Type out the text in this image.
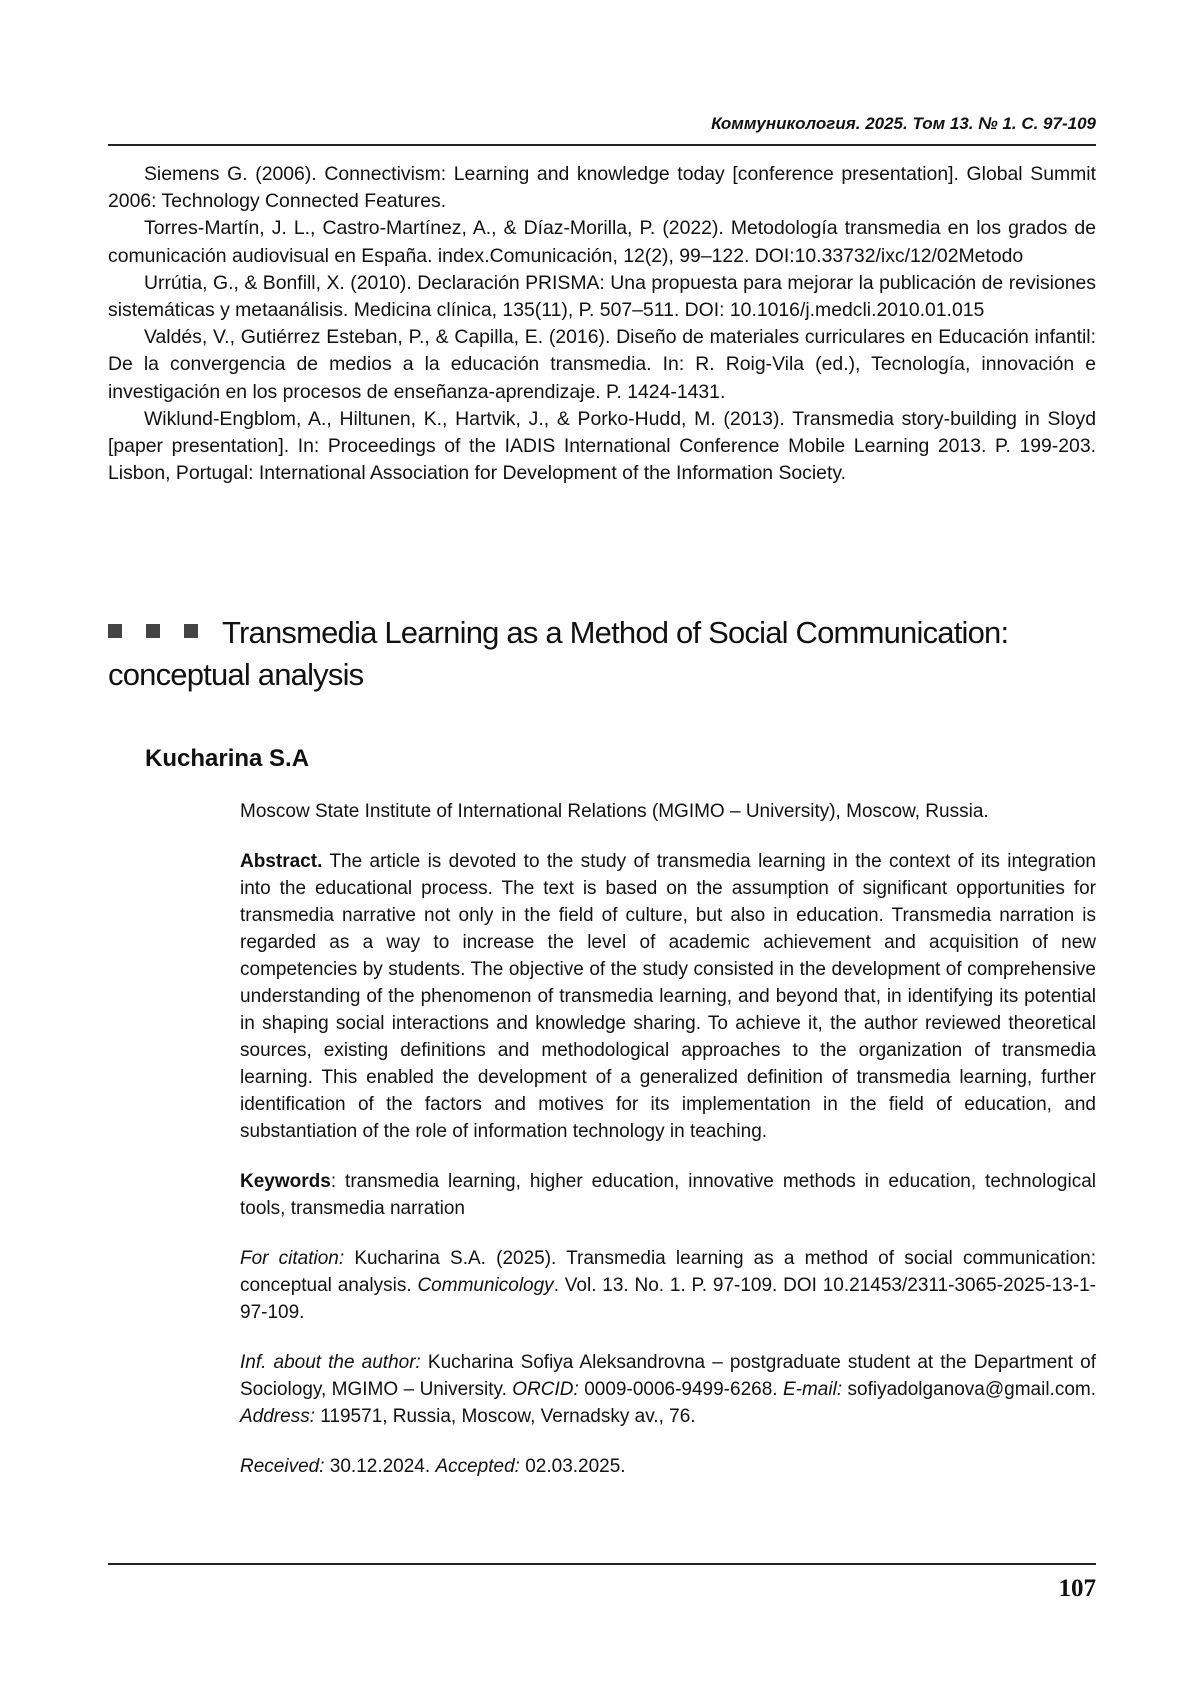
Коммуникология. 2025. Том 13. № 1. С. 97-109

Siemens G. (2006). Connectivism: Learning and knowledge today [conference presentation]. Global Summit 2006: Technology Connected Features.

Torres-Martín, J. L., Castro-Martínez, A., & Díaz-Morilla, P. (2022). Metodología transmedia en los grados de comunicación audiovisual en España. index.Comunicación, 12(2), 99–122. DOI:10.33732/ixc/12/02Metodo

Urrútia, G., & Bonfill, X. (2010). Declaración PRISMA: Una propuesta para mejorar la publicación de revisiones sistemáticas y metaanálisis. Medicina clínica, 135(11), P. 507–511. DOI: 10.1016/j.medcli.2010.01.015

Valdés, V., Gutiérrez Esteban, P., & Capilla, E. (2016). Diseño de materiales curriculares en Educación infantil: De la convergencia de medios a la educación transmedia. In: R. Roig-Vila (ed.), Tecnología, innovación e investigación en los procesos de enseñanza-aprendizaje. P. 1424-1431.

Wiklund-Engblom, A., Hiltunen, K., Hartvik, J., & Porko-Hudd, M. (2013). Transmedia story-building in Sloyd [paper presentation]. In: Proceedings of the IADIS International Conference Mobile Learning 2013. P. 199-203. Lisbon, Portugal: International Association for Development of the Information Society.

Transmedia Learning as a Method of Social Communication: conceptual analysis
Kucharina S.A

Moscow State Institute of International Relations (MGIMO – University), Moscow, Russia.

Abstract. The article is devoted to the study of transmedia learning in the context of its integration into the educational process. The text is based on the assumption of significant opportunities for transmedia narrative not only in the field of culture, but also in education. Transmedia narration is regarded as a way to increase the level of academic achievement and acquisition of new competencies by students. The objective of the study consisted in the development of comprehensive understanding of the phenomenon of transmedia learning, and beyond that, in identifying its potential in shaping social interactions and knowledge sharing. To achieve it, the author reviewed theoretical sources, existing definitions and methodological approaches to the organization of transmedia learning. This enabled the development of a generalized definition of transmedia learning, further identification of the factors and motives for its implementation in the field of education, and substantiation of the role of information technology in teaching.

Keywords: transmedia learning, higher education, innovative methods in education, technological tools, transmedia narration

For citation: Kucharina S.A. (2025). Transmedia learning as a method of social communication: conceptual analysis. Communicology. Vol. 13. No. 1. P. 97-109. DOI 10.21453/2311-3065-2025-13-1-97-109.

Inf. about the author: Kucharina Sofiya Aleksandrovna – postgraduate student at the Department of Sociology, MGIMO – University. ORCID: 0009-0006-9499-6268. E-mail: sofiyadolganova@gmail.com. Address: 119571, Russia, Moscow, Vernadsky av., 76.

Received: 30.12.2024. Accepted: 02.03.2025.

107
